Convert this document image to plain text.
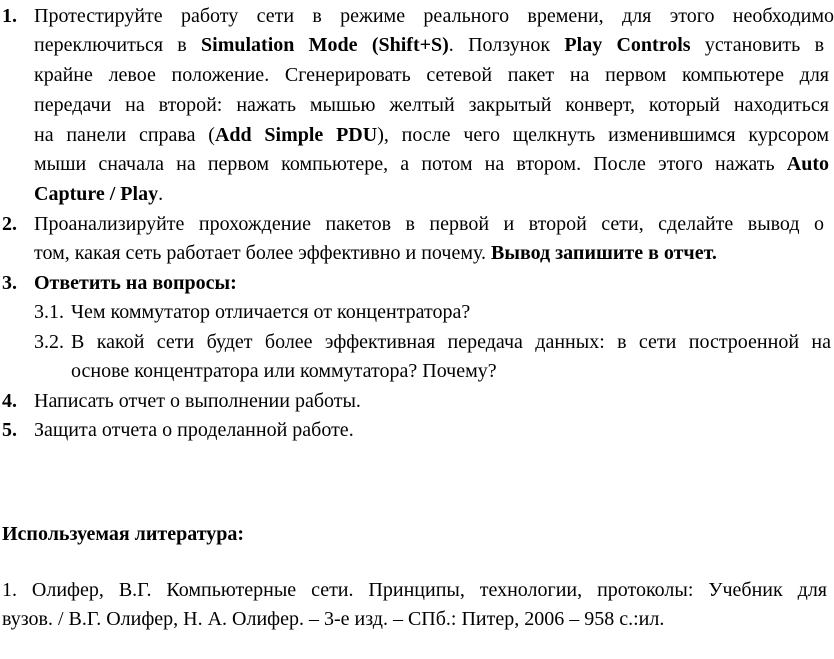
1. Протестируйте работу сети в режиме реального времени, для этого необходимо
переключиться в Simulation Mode (Shift+S). Ползунок Play Controls установить в
крайне левое положение. Сгенерировать сетевой пакет на первом компьютере для
передачи на второй: нажать мышью желтый закрытый конверт, который находиться
на панели справа (Add Simple PDU), после чего щелкнуть изменившимся курсором
мыши сначала на первом компьютере, а потом на втором. После этого нажать Auto
Capture / Play.
2. Проанализируйте прохождение пакетов в первой и второй сети, сделайте вывод о
том, какая сеть работает более эффективно и почему. Вывод запишите в отчет.
3. Ответить на вопросы:
3.1. Чем коммутатор отличается от концентратора?
3.2. В какой сети будет более эффективная передача данных: в сети построенной на
основе концентратора или коммутатора? Почему?
4. Написать отчет о выполнении работы.
5. Защита отчета о проделанной работе.
Используемая литература:
1. Олифер, В.Г. Компьютерные сети. Принципы, технологии, протоколы: Учебник для
вузов. / В.Г. Олифер, Н. А. Олифер. – 3-е изд. – СПб.: Питер, 2006 – 958 с.:ил.
